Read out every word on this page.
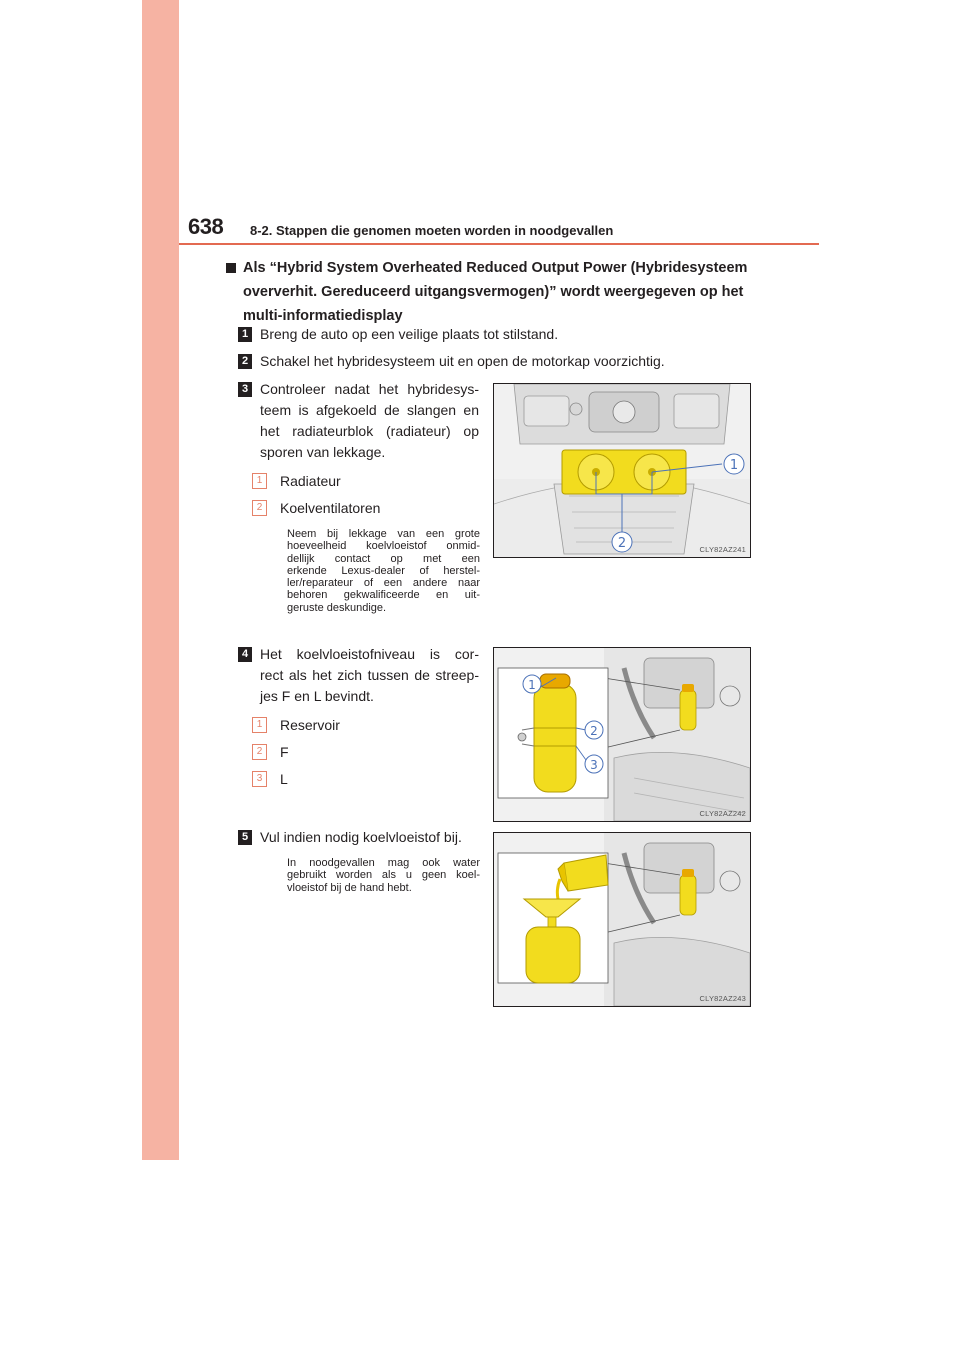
638 8-2. Stappen die genomen moeten worden in noodgevallen
Als “Hybrid System Overheated Reduced Output Power (Hybridesysteem
oververhit. Gereduceerd uitgangsvermogen)” wordt weergegeven op het
multi-informatiedisplay
1 Breng de auto op een veilige plaats tot stilstand.
2 Schakel het hybridesysteem uit en open de motorkap voorzichtig.
3 Controleer nadat het hybridesys-
teem is afgekoeld de slangen en
het radiateurblok (radiateur) op
sporen van lekkage.
1	Radiateur
2	Koelventilatoren
Neem bij lekkage van een grote
hoeveelheid koelvloeistof onmid-
dellijk contact op met een
erkende Lexus-dealer of herstel-
ler/reparateur of een andere naar
behoren gekwalificeerde en uit-
geruste deskundige.
1
2	CLY82AZ241
4 Het koelvloeistofniveau is cor-
rect als het zich tussen de streep-
jes F en L bevindt.
1	Reservoir
2	F
3	L
1
2
3
CLY82AZ242
5 Vul indien nodig koelvloeistof bij.
In noodgevallen mag ook water
gebruikt worden als u geen koel-
vloeistof bij de hand hebt.
CLY82AZ243
